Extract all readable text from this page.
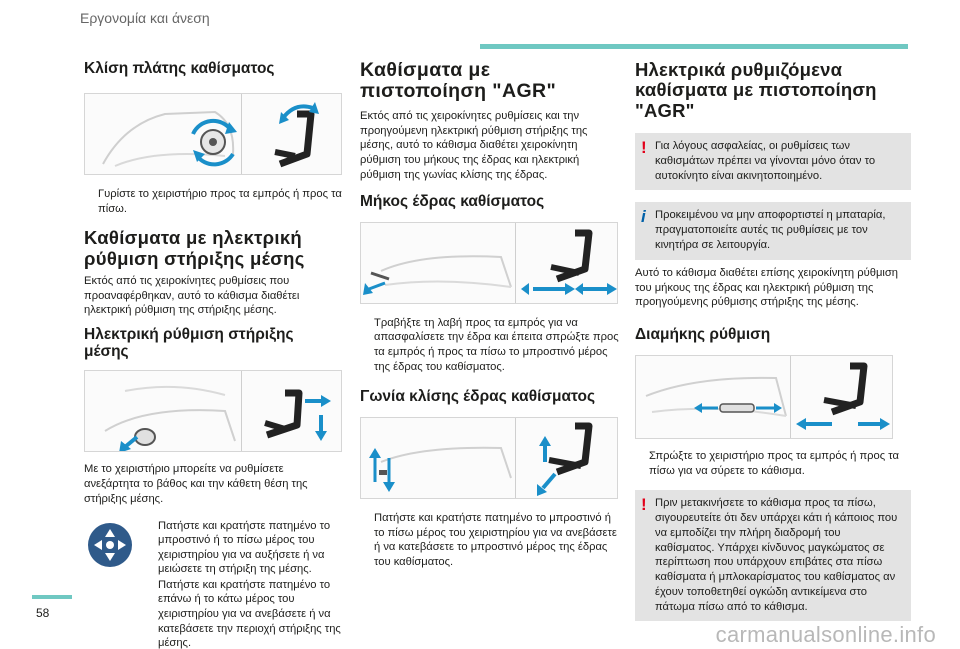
Εργονομία και άνεση
Κλίση πλάτης καθίσματος
Γυρίστε το χειριστήριο προς τα εμπρός ή προς τα πίσω.
Καθίσματα με ηλεκτρική ρύθμιση στήριξης μέσης

Εκτός από τις χειροκίνητες ρυθμίσεις που προαναφέρθηκαν, αυτό το κάθισμα διαθέτει ηλεκτρική ρύθμιση της στήριξης μέσης.

Ηλεκτρική ρύθμιση στήριξης μέσης

Με το χειριστήριο μπορείτε να ρυθμίσετε ανεξάρτητα το βάθος και την κάθετη θέση της στήριξης μέσης.

Πατήστε και κρατήστε πατημένο το μπροστινό ή το πίσω μέρος του χειριστηρίου για να αυξήσετε ή να μειώσετε τη στήριξη της μέσης.
Πατήστε και κρατήστε πατημένο το επάνω ή το κάτω μέρος του χειριστηρίου για να ανεβάσετε ή να κατεβάσετε την περιοχή στήριξης της μέσης.
Καθίσματα με πιστοποίηση "AGR"

Εκτός από τις χειροκίνητες ρυθμίσεις και την προηγούμενη ηλεκτρική ρύθμιση στήριξης της μέσης, αυτό το κάθισμα διαθέτει χειροκίνητη ρύθμιση του μήκους της έδρας και ηλεκτρική ρύθμιση της γωνίας κλίσης της έδρας.

Μήκος έδρας καθίσματος
Τραβήξτε τη λαβή προς τα εμπρός για να απασφαλίσετε την έδρα και έπειτα σπρώξτε προς τα εμπρός ή προς τα πίσω το μπροστινό μέρος της έδρας του καθίσματος.
Γωνία κλίσης έδρας καθίσματος
Πατήστε και κρατήστε πατημένο το μπροστινό ή το πίσω μέρος του χειριστηρίου για να ανεβάσετε ή να κατεβάσετε το μπροστινό μέρος της έδρας του καθίσματος.
Ηλεκτρικά ρυθμιζόμενα καθίσματα με πιστοποίηση "AGR"
! Για λόγους ασφαλείας, οι ρυθμίσεις των καθισμάτων πρέπει να γίνονται μόνο όταν το αυτοκίνητο είναι ακινητοποιημένο.
i Προκειμένου να μην αποφορτιστεί η μπαταρία, πραγματοποιείτε αυτές τις ρυθμίσεις με τον κινητήρα σε λειτουργία.

Αυτό το κάθισμα διαθέτει επίσης χειροκίνητη ρύθμιση του μήκους της έδρας και ηλεκτρική ρύθμιση της προηγούμενης ρύθμισης στήριξης της μέσης.

Διαμήκης ρύθμιση
Σπρώξτε το χειριστήριο προς τα εμπρός ή προς τα πίσω για να σύρετε το κάθισμα.
! Πριν μετακινήσετε το κάθισμα προς τα πίσω, σιγουρευτείτε ότι δεν υπάρχει κάτι ή κάποιος που να εμποδίζει την πλήρη διαδρομή του καθίσματος. Υπάρχει κίνδυνος μαγκώματος σε περίπτωση που υπάρχουν επιβάτες στα πίσω καθίσματα ή μπλοκαρίσματος του καθίσματος αν έχουν τοποθετηθεί ογκώδη αντικείμενα στο πάτωμα πίσω από το κάθισμα.
58
carmanualsonline.info
